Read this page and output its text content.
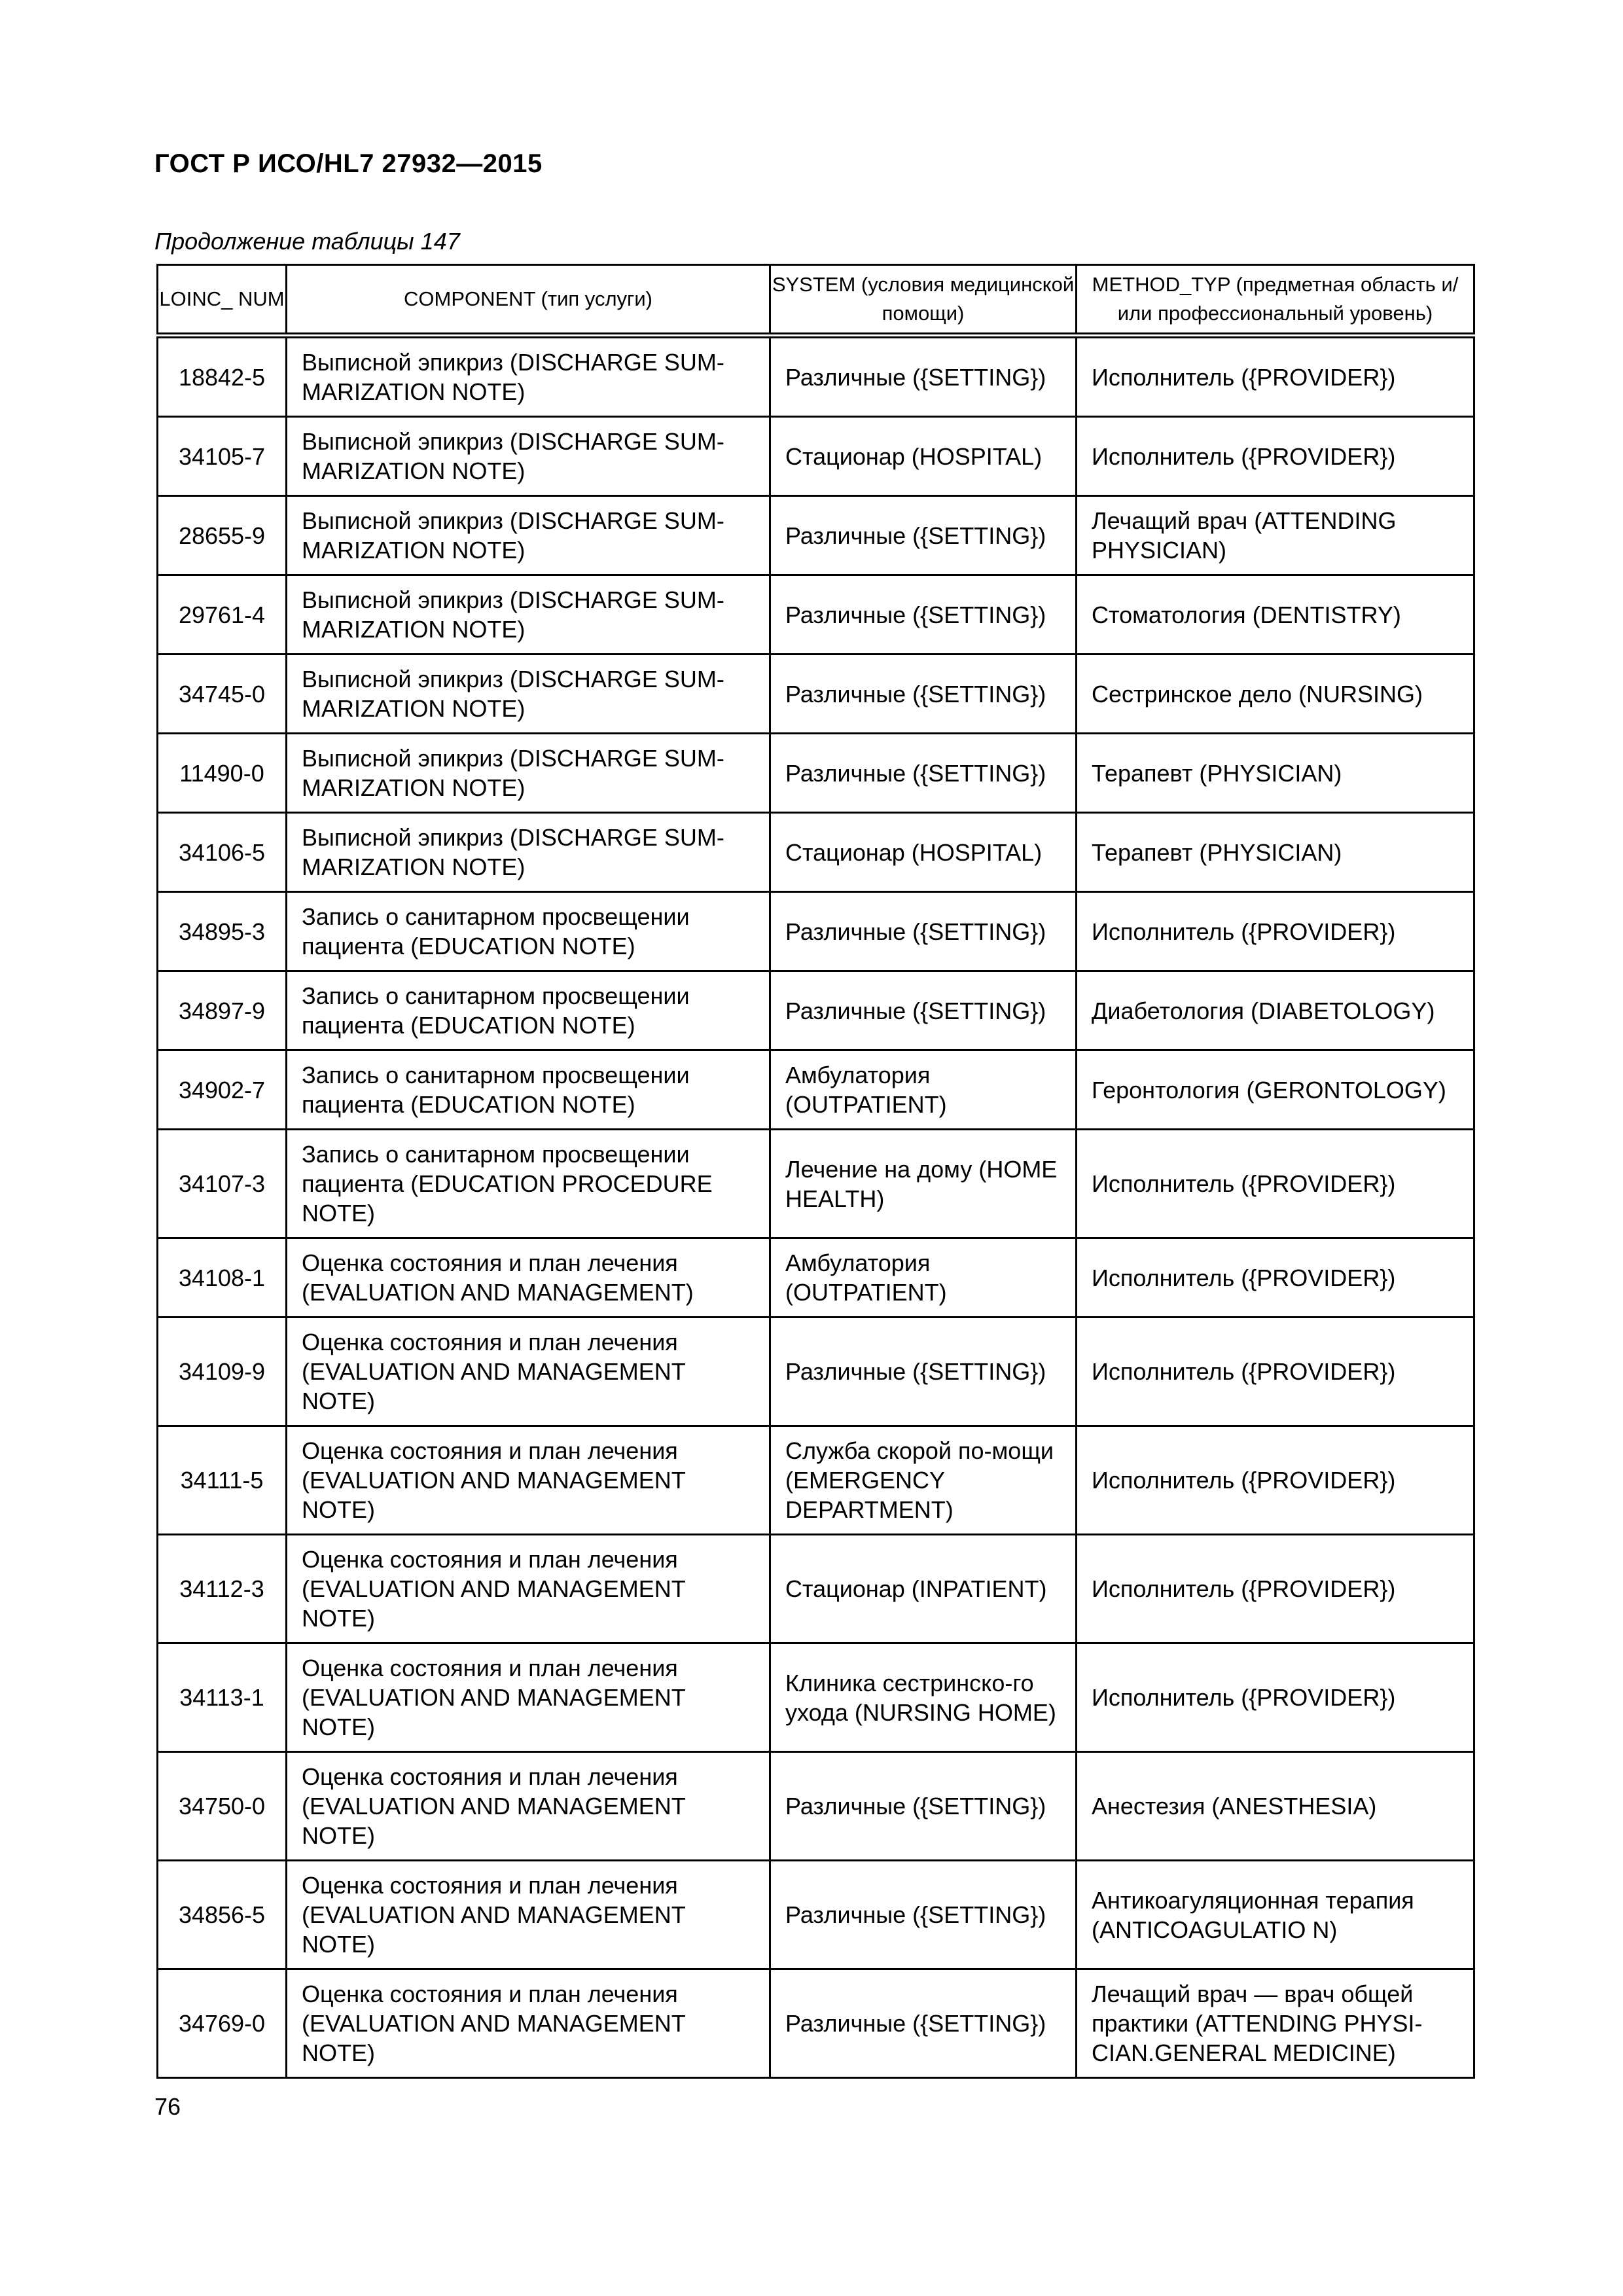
ГОСТ Р ИСО/HL7 27932—2015

Продолжение таблицы 147

LOINC_ NUM	COMPONENT (тип услуги)	SYSTEM (условия медицинской помощи)	METHOD_TYP (предметная область и/или профессиональный уровень)
18842-5	Выписной эпикриз (DISCHARGE SUM-MARIZATION NOTE)	Различные ({SETTING})	Исполнитель ({PROVIDER})
34105-7	Выписной эпикриз (DISCHARGE SUM-MARIZATION NOTE)	Стационар (HOSPITAL)	Исполнитель ({PROVIDER})
28655-9	Выписной эпикриз (DISCHARGE SUM-MARIZATION NOTE)	Различные ({SETTING})	Лечащий врач (ATTENDING PHYSICIAN)
29761-4	Выписной эпикриз (DISCHARGE SUM-MARIZATION NOTE)	Различные ({SETTING})	Стоматология (DENTISTRY)
34745-0	Выписной эпикриз (DISCHARGE SUM-MARIZATION NOTE)	Различные ({SETTING})	Сестринское дело (NURSING)
11490-0	Выписной эпикриз (DISCHARGE SUM-MARIZATION NOTE)	Различные ({SETTING})	Терапевт (PHYSICIAN)
34106-5	Выписной эпикриз (DISCHARGE SUM-MARIZATION NOTE)	Стационар (HOSPITAL)	Терапевт (PHYSICIAN)
34895-3	Запись о санитарном просвещении пациента (EDUCATION NOTE)	Различные ({SETTING})	Исполнитель ({PROVIDER})
34897-9	Запись о санитарном просвещении пациента (EDUCATION NOTE)	Различные ({SETTING})	Диабетология (DIABETOLOGY)
34902-7	Запись о санитарном просвещении пациента (EDUCATION NOTE)	Амбулатория (OUTPATIENT)	Геронтология (GERONTOLOGY)
34107-3	Запись о санитарном просвещении пациента (EDUCATION PROCEDURE NOTE)	Лечение на дому (HOME HEALTH)	Исполнитель ({PROVIDER})
34108-1	Оценка состояния и план лечения (EVALUATION AND MANAGEMENT)	Амбулатория (OUTPATIENT)	Исполнитель ({PROVIDER})
34109-9	Оценка состояния и план лечения (EVALUATION AND MANAGEMENT NOTE)	Различные ({SETTING})	Исполнитель ({PROVIDER})
34111-5	Оценка состояния и план лечения (EVALUATION AND MANAGEMENT NOTE)	Служба скорой по-мощи (EMERGENCY DEPARTMENT)	Исполнитель ({PROVIDER})
34112-3	Оценка состояния и план лечения (EVALUATION AND MANAGEMENT NOTE)	Стационар (INPATIENT)	Исполнитель ({PROVIDER})
34113-1	Оценка состояния и план лечения (EVALUATION AND MANAGEMENT NOTE)	Клиника сестринско-го ухода (NURSING HOME)	Исполнитель ({PROVIDER})
34750-0	Оценка состояния и план лечения (EVALUATION AND MANAGEMENT NOTE)	Различные ({SETTING})	Анестезия (ANESTHESIA)
34856-5	Оценка состояния и план лечения (EVALUATION AND MANAGEMENT NOTE)	Различные ({SETTING})	Антикоагуляционная терапия (ANTICOAGULATIO N)
34769-0	Оценка состояния и план лечения (EVALUATION AND MANAGEMENT NOTE)	Различные ({SETTING})	Лечащий врач — врач общей практики (ATTENDING PHYSI-CIAN.GENERAL MEDICINE)

76
